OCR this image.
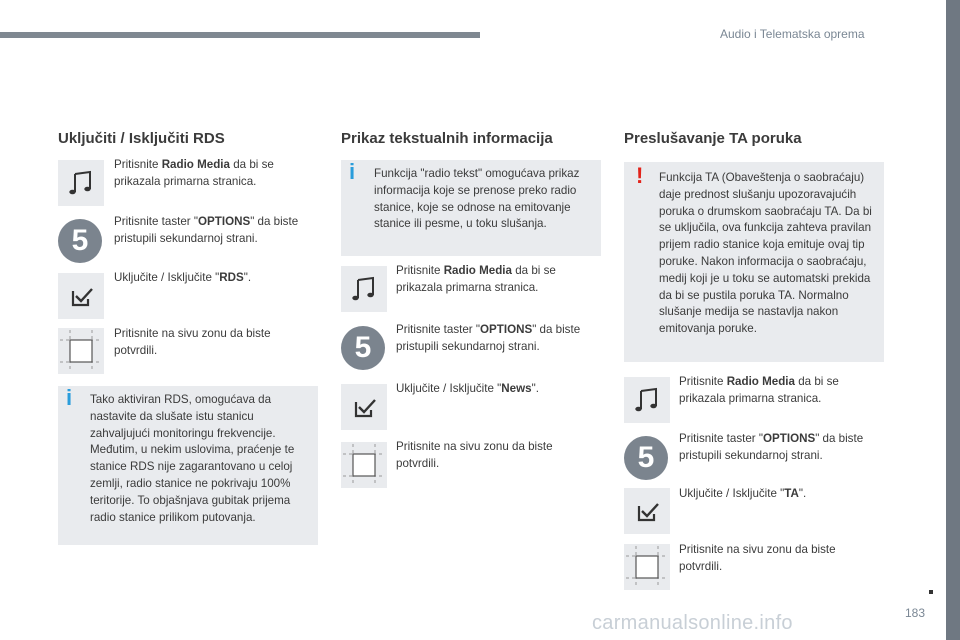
Audio i Telematska oprema
183
carmanualsonline.info
Uključiti / Isključiti RDS
Pritisnite Radio Media da bi se prikazala primarna stranica.
5
Pritisnite taster "OPTIONS" da biste pristupili sekundarnoj strani.
Uključite / Isključite "RDS".
Pritisnite na sivu zonu da biste potvrdili.
i Tako aktiviran RDS, omogućava da nastavite da slušate istu stanicu zahvaljujući monitoringu frekvencije. Međutim, u nekim uslovima, praćenje te stanice RDS nije zagarantovano u celoj zemlji, radio stanice ne pokrivaju 100% teritorije. To objašnjava gubitak prijema radio stanice prilikom putovanja.
Prikaz tekstualnih informacija
i Funkcija "radio tekst" omogućava prikaz informacija koje se prenose preko radio stanice, koje se odnose na emitovanje stanice ili pesme, u toku slušanja.
Pritisnite Radio Media da bi se prikazala primarna stranica.
5
Pritisnite taster "OPTIONS" da biste pristupili sekundarnoj strani.
Uključite / Isključite "News".
Pritisnite na sivu zonu da biste potvrdili.
Preslušavanje TA poruka
! Funkcija TA (Obaveštenja o saobraćaju) daje prednost slušanju upozoravajućih poruka o drumskom saobraćaju TA. Da bi se uključila, ova funkcija zahteva pravilan prijem radio stanice koja emituje ovaj tip poruke. Nakon informacija o saobraćaju, medij koji je u toku se automatski prekida da bi se pustila poruka TA. Normalno slušanje medija se nastavlja nakon emitovanja poruke.
Pritisnite Radio Media da bi se prikazala primarna stranica.
5
Pritisnite taster "OPTIONS" da biste pristupili sekundarnoj strani.
Uključite / Isključite "TA".
Pritisnite na sivu zonu da biste potvrdili.
